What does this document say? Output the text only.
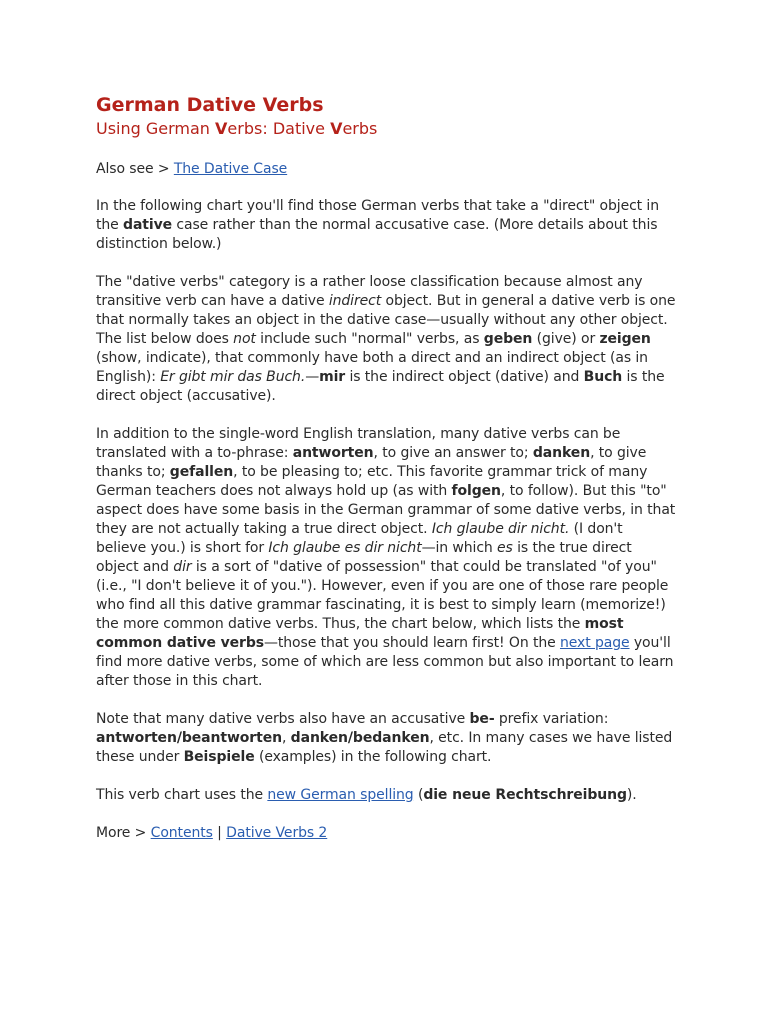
German Dative Verbs
Using German Verbs: Dative Verbs

Also see > The Dative Case

In the following chart you'll find those German verbs that take a "direct" object in the dative case rather than the normal accusative case. (More details about this distinction below.)

The "dative verbs" category is a rather loose classification because almost any transitive verb can have a dative indirect object. But in general a dative verb is one that normally takes an object in the dative case—usually without any other object. The list below does not include such "normal" verbs, as geben (give) or zeigen (show, indicate), that commonly have both a direct and an indirect object (as in English): Er gibt mir das Buch.—mir is the indirect object (dative) and Buch is the direct object (accusative).

In addition to the single-word English translation, many dative verbs can be translated with a to-phrase: antworten, to give an answer to; danken, to give thanks to; gefallen, to be pleasing to; etc. This favorite grammar trick of many German teachers does not always hold up (as with folgen, to follow). But this "to" aspect does have some basis in the German grammar of some dative verbs, in that they are not actually taking a true direct object. Ich glaube dir nicht. (I don't believe you.) is short for Ich glaube es dir nicht—in which es is the true direct object and dir is a sort of "dative of possession" that could be translated "of you" (i.e., "I don't believe it of you."). However, even if you are one of those rare people who find all this dative grammar fascinating, it is best to simply learn (memorize!) the more common dative verbs. Thus, the chart below, which lists the most common dative verbs—those that you should learn first! On the next page you'll find more dative verbs, some of which are less common but also important to learn after those in this chart.

Note that many dative verbs also have an accusative be- prefix variation: antworten/beantworten, danken/bedanken, etc. In many cases we have listed these under Beispiele (examples) in the following chart.

This verb chart uses the new German spelling (die neue Rechtschreibung).

More > Contents | Dative Verbs 2
